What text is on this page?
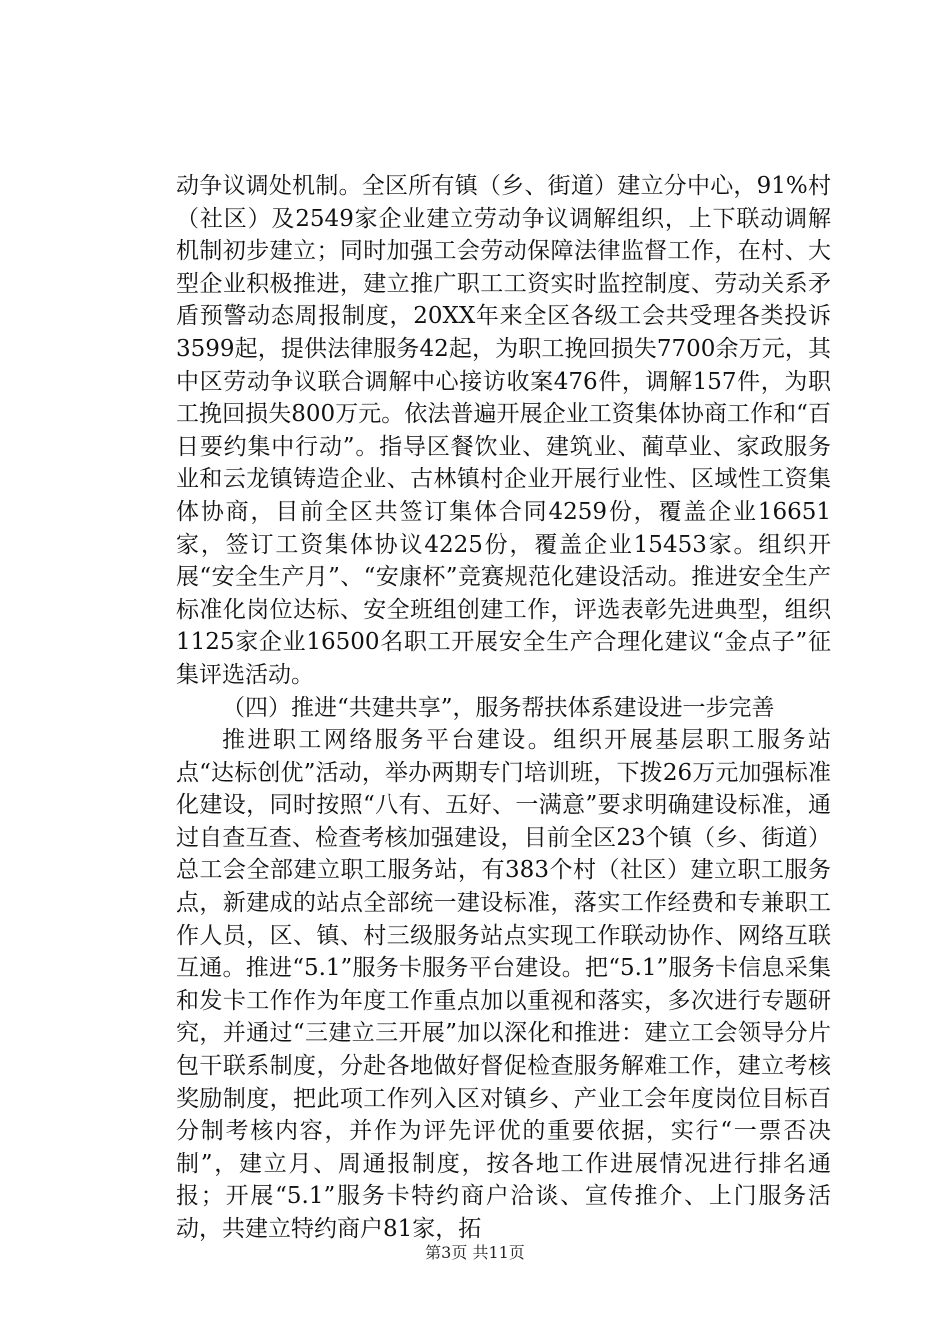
动争议调处机制。全区所有镇（乡、街道）建立分中心，91%村（社区）及2549家企业建立劳动争议调解组织，上下联动调解机制初步建立；同时加强工会劳动保障法律监督工作，在村、大型企业积极推进，建立推广职工工资实时监控制度、劳动关系矛盾预警动态周报制度，20XX年来全区各级工会共受理各类投诉3599起，提供法律服务42起，为职工挽回损失7700余万元，其中区劳动争议联合调解中心接访收案476件，调解157件，为职工挽回损失800万元。依法普遍开展企业工资集体协商工作和“百日要约集中行动”。指导区餐饮业、建筑业、蔺草业、家政服务业和云龙镇铸造企业、古林镇村企业开展行业性、区域性工资集体协商，目前全区共签订集体合同4259份，覆盖企业16651家，签订工资集体协议4225份，覆盖企业15453家。组织开展“安全生产月”、“安康杯”竞赛规范化建设活动。推进安全生产标准化岗位达标、安全班组创建工作，评选表彰先进典型，组织1125家企业16500名职工开展安全生产合理化建议“金点子”征集评选活动。

（四）推进“共建共享”，服务帮扶体系建设进一步完善

推进职工网络服务平台建设。组织开展基层职工服务站点“达标创优”活动，举办两期专门培训班，下拨26万元加强标准化建设，同时按照“八有、五好、一满意”要求明确建设标准，通过自查互查、检查考核加强建设，目前全区23个镇（乡、街道）总工会全部建立职工服务站，有383个村（社区）建立职工服务点，新建成的站点全部统一建设标准，落实工作经费和专兼职工作人员，区、镇、村三级服务站点实现工作联动协作、网络互联互通。推进“5.1”服务卡服务平台建设。把“5.1”服务卡信息采集和发卡工作作为年度工作重点加以重视和落实，多次进行专题研究，并通过“三建立三开展”加以深化和推进：建立工会领导分片包干联系制度，分赴各地做好督促检查服务解难工作，建立考核奖励制度，把此项工作列入区对镇乡、产业工会年度岗位目标百分制考核内容，并作为评先评优的重要依据，实行“一票否决制”，建立月、周通报制度，按各地工作进展情况进行排名通报；开展“5.1”服务卡特约商户洽谈、宣传推介、上门服务活动，共建立特约商户81家，拓

第3页 共11页
